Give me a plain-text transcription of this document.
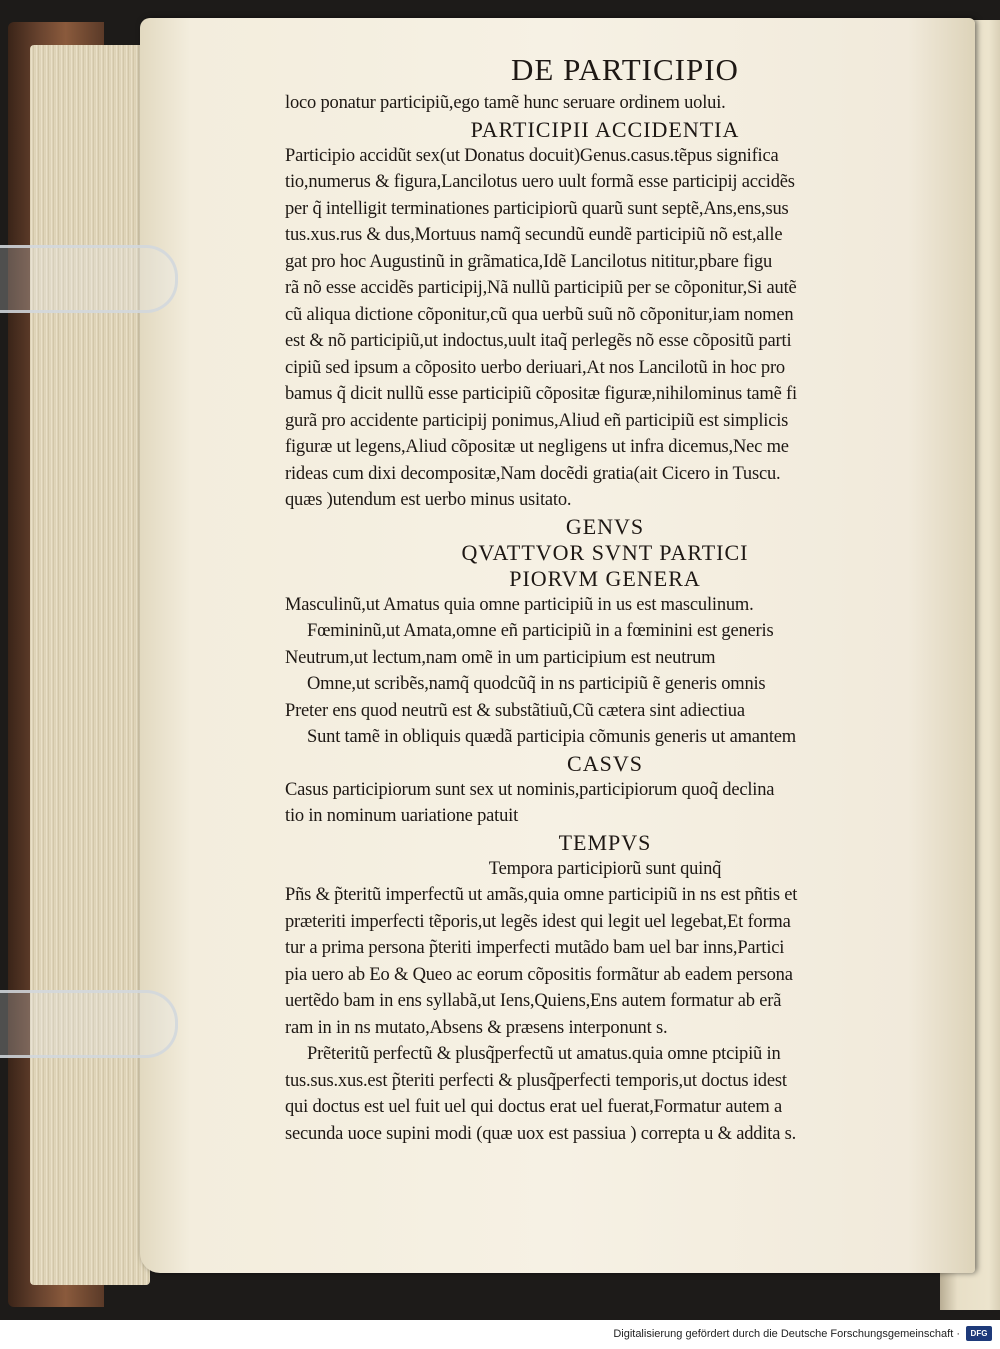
DE PARTICIPIO
loco ponatur participiũ,ego tamẽ hunc seruare ordinem uolui.
PARTICIPII ACCIDENTIA
Participio accidũt sex(ut Donatus docuit)Genus.casus.tẽpus significa
tio,numerus & figura,Lancilotus uero uult formã esse participij accidẽs
per q̃ intelligit terminationes participiorũ quarũ sunt septẽ,Ans,ens,sus
tus.xus.rus & dus,Mortuus namq̃ secundũ eundẽ participiũ nõ est,alle
gat pro hoc Augustinũ in grãmatica,Idẽ Lancilotus nititur,pbare figu
rã nõ esse accidẽs participij,Nã nullũ participiũ per se cõponitur,Si autẽ
cũ aliqua dictione cõponitur,cũ qua uerbũ suũ nõ cõponitur,iam nomen
est & nõ participiũ,ut indoctus,uult itaq̃ perlegẽs nõ esse cõpositũ parti
cipiũ sed ipsum a cõposito uerbo deriuari,At nos Lancilotũ in hoc pro
bamus q̃ dicit nullũ esse participiũ cõpositæ figuræ,nihilominus tamẽ fi
gurã pro accidente participij ponimus,Aliud eñ participiũ est simplicis
figuræ ut legens,Aliud cõpositæ ut negligens ut infra dicemus,Nec me
rideas cum dixi decompositæ,Nam docẽdi gratia(ait Cicero in Tuscu.
quæs )utendum est uerbo minus usitato.
GENVS
QVATTVOR SVNT PARTICI
PIORVM GENERA
Masculinũ,ut Amatus quia omne participiũ in us est masculinum.
Fœmininũ,ut Amata,omne eñ participiũ in a fœminini est generis
Neutrum,ut lectum,nam omẽ in um participium est neutrum
Omne,ut scribẽs,namq̃ quodcũq̃ in ns participiũ ẽ generis omnis
Preter ens quod neutrũ est & substãtiuũ,Cũ cætera sint adiectiua
Sunt tamẽ in obliquis quædã participia cõmunis generis ut amantem
CASVS
Casus participiorum sunt sex ut nominis,participiorum quoq̃ declina
tio in nominum uariatione patuit
TEMPVS
Tempora participiorũ sunt quinq̃
Pñs & p̃teritũ imperfectũ ut amãs,quia omne participiũ in ns est pñtis et
præteriti imperfecti tẽporis,ut legẽs idest qui legit uel legebat,Et forma
tur a prima persona p̃teriti imperfecti mutãdo bam uel bar inns,Partici
pia uero ab Eo & Queo ac eorum cõpositis formãtur ab eadem persona
uertẽdo bam in ens syllabã,ut Iens,Quiens,Ens autem formatur ab erã
ram in in ns mutato,Absens & præsens interponunt s.
Prẽteritũ perfectũ & plusq̃perfectũ ut amatus.quia omne ptcipiũ in
tus.sus.xus.est p̃teriti perfecti & plusq̃perfecti temporis,ut doctus idest
qui doctus est uel fuit uel qui doctus erat uel fuerat,Formatur autem a
secunda uoce supini modi (quæ uox est passiua ) correpta u & addita s.
Digitalisierung gefördert durch die Deutsche Forschungsgemeinschaft ·	DFG
